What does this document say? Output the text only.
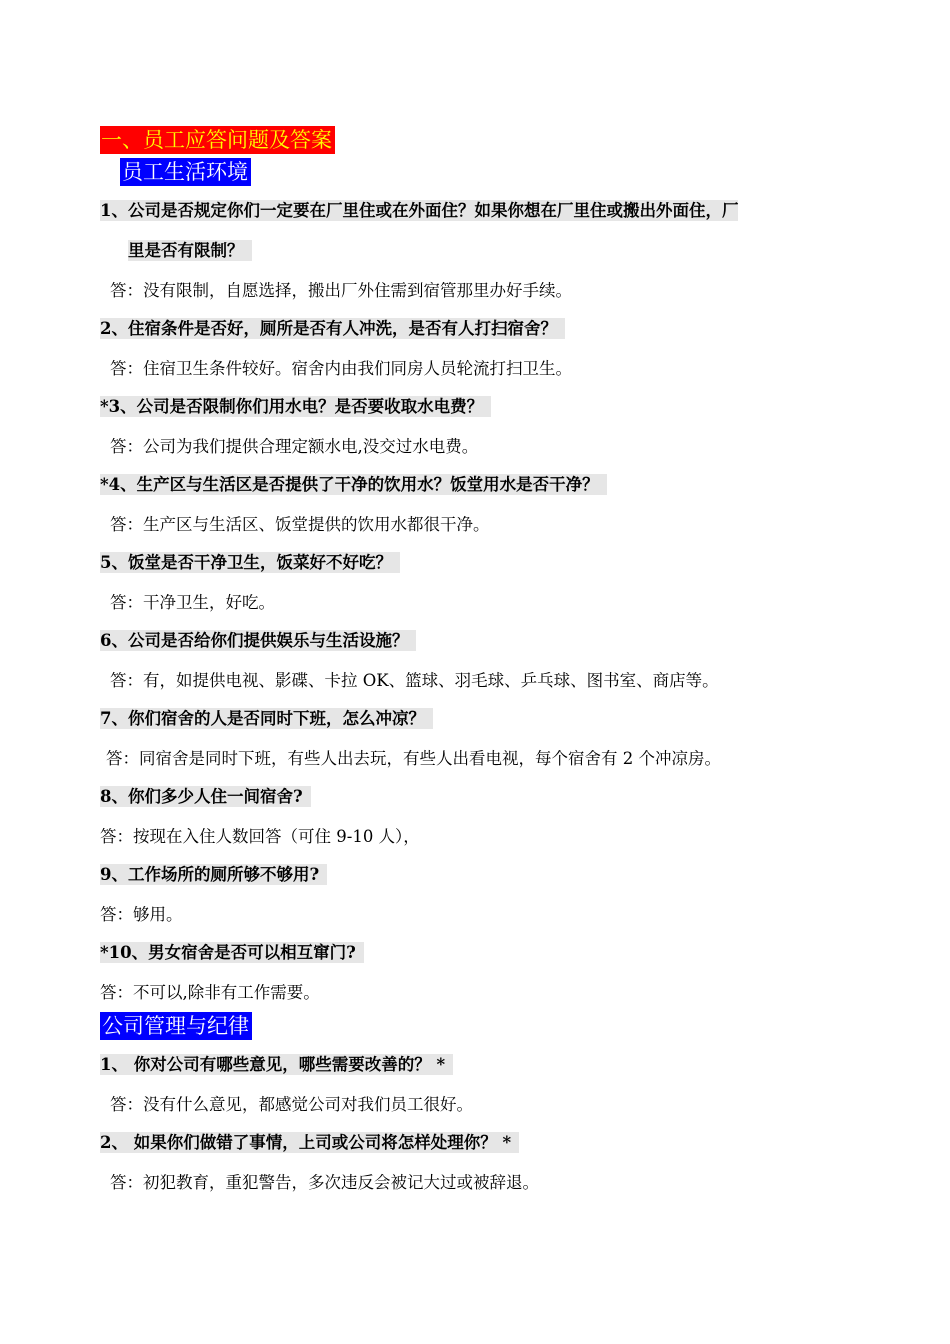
一、员工应答问题及答案
员工生活环境
1、公司是否规定你们一定要在厂里住或在外面住？如果你想在厂里住或搬出外面住，厂
里是否有限制？
答：没有限制，自愿选择，搬出厂外住需到宿管那里办好手续。
2、住宿条件是否好，厕所是否有人冲洗，是否有人打扫宿舍？
答：住宿卫生条件较好。宿舍内由我们同房人员轮流打扫卫生。
*3、公司是否限制你们用水电？是否要收取水电费？
答：公司为我们提供合理定额水电,没交过水电费。
*4、生产区与生活区是否提供了干净的饮用水？饭堂用水是否干净？
答：生产区与生活区、饭堂提供的饮用水都很干净。
5、饭堂是否干净卫生，饭菜好不好吃？
答：干净卫生，好吃。
6、公司是否给你们提供娱乐与生活设施？
答：有，如提供电视、影碟、卡拉 OK、篮球、羽毛球、乒乓球、图书室、商店等。
7、你们宿舍的人是否同时下班，怎么冲凉？
答：同宿舍是同时下班，有些人出去玩，有些人出看电视，每个宿舍有 2 个冲凉房。
8、你们多少人住一间宿舍?
答：按现在入住人数回答（可住 9-10 人），
9、工作场所的厕所够不够用?
答：够用。
*10、男女宿舍是否可以相互窜门?
答：不可以,除非有工作需要。
公司管理与纪律
1、 你对公司有哪些意见，哪些需要改善的？ *
答：没有什么意见，都感觉公司对我们员工很好。
2、 如果你们做错了事情，上司或公司将怎样处理你？ *
答：初犯教育，重犯警告，多次违反会被记大过或被辞退。
